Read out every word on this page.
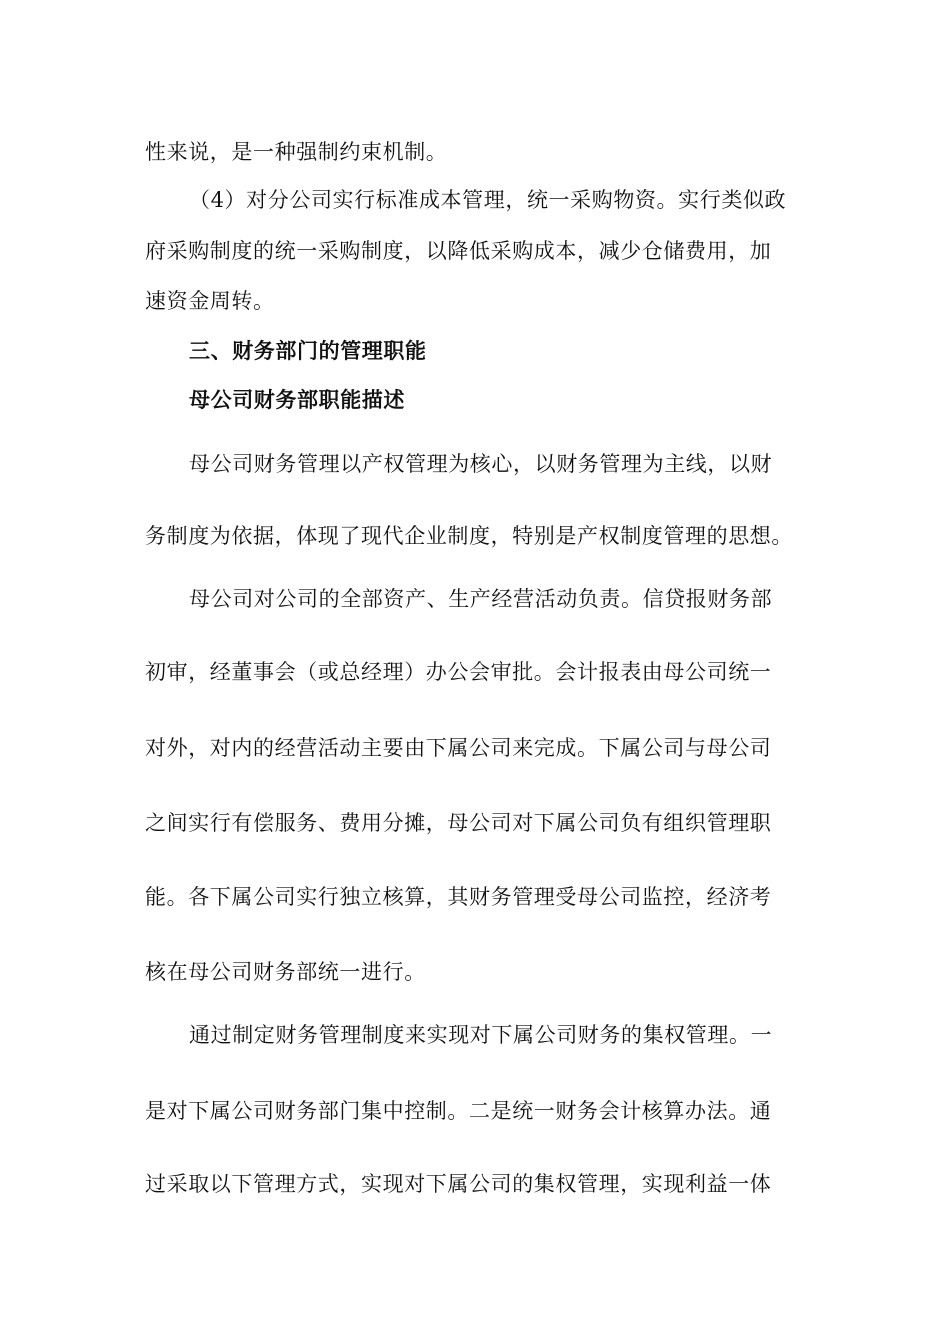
性来说，是一种强制约束机制。
（4）对分公司实行标准成本管理，统一采购物资。实行类似政
府采购制度的统一采购制度，以降低采购成本，减少仓储费用，加
速资金周转。
三、财务部门的管理职能
母公司财务部职能描述
母公司财务管理以产权管理为核心，以财务管理为主线，以财
务制度为依据，体现了现代企业制度，特别是产权制度管理的思想。
母公司对公司的全部资产、生产经营活动负责。信贷报财务部
初审，经董事会（或总经理）办公会审批。会计报表由母公司统一
对外，对内的经营活动主要由下属公司来完成。下属公司与母公司
之间实行有偿服务、费用分摊，母公司对下属公司负有组织管理职
能。各下属公司实行独立核算，其财务管理受母公司监控，经济考
核在母公司财务部统一进行。
通过制定财务管理制度来实现对下属公司财务的集权管理。一
是对下属公司财务部门集中控制。二是统一财务会计核算办法。通
过采取以下管理方式，实现对下属公司的集权管理，实现利益一体
